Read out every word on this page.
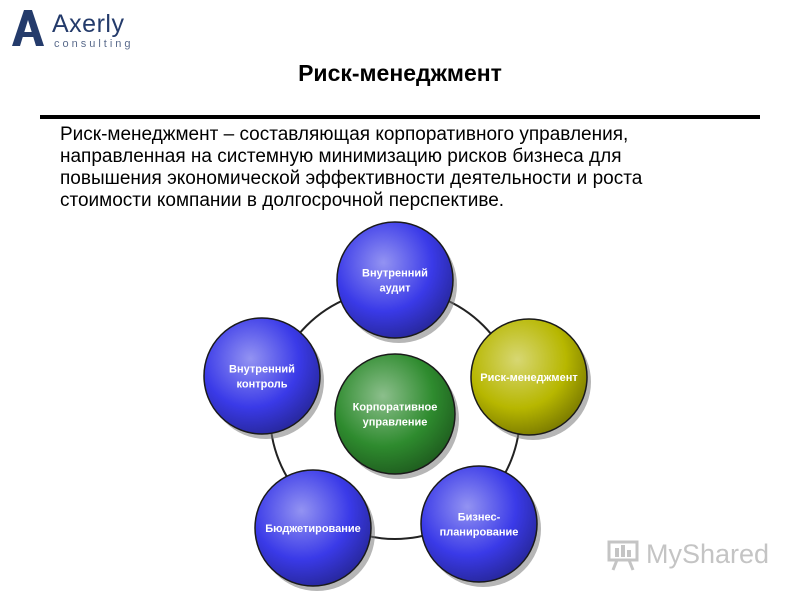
Axerly
consulting
Риск-менеджмент
Риск-менеджмент – составляющая корпоративного управления,
направленная на системную минимизацию рисков бизнеса для
повышения экономической эффективности деятельности и роста
стоимости компании в долгосрочной перспективе.
Внутренний
аудит
Риск-менеджмент
Бизнес-
планирование
Бюджетирование
Внутренний
контроль
Корпоративное
управление
MyShared
